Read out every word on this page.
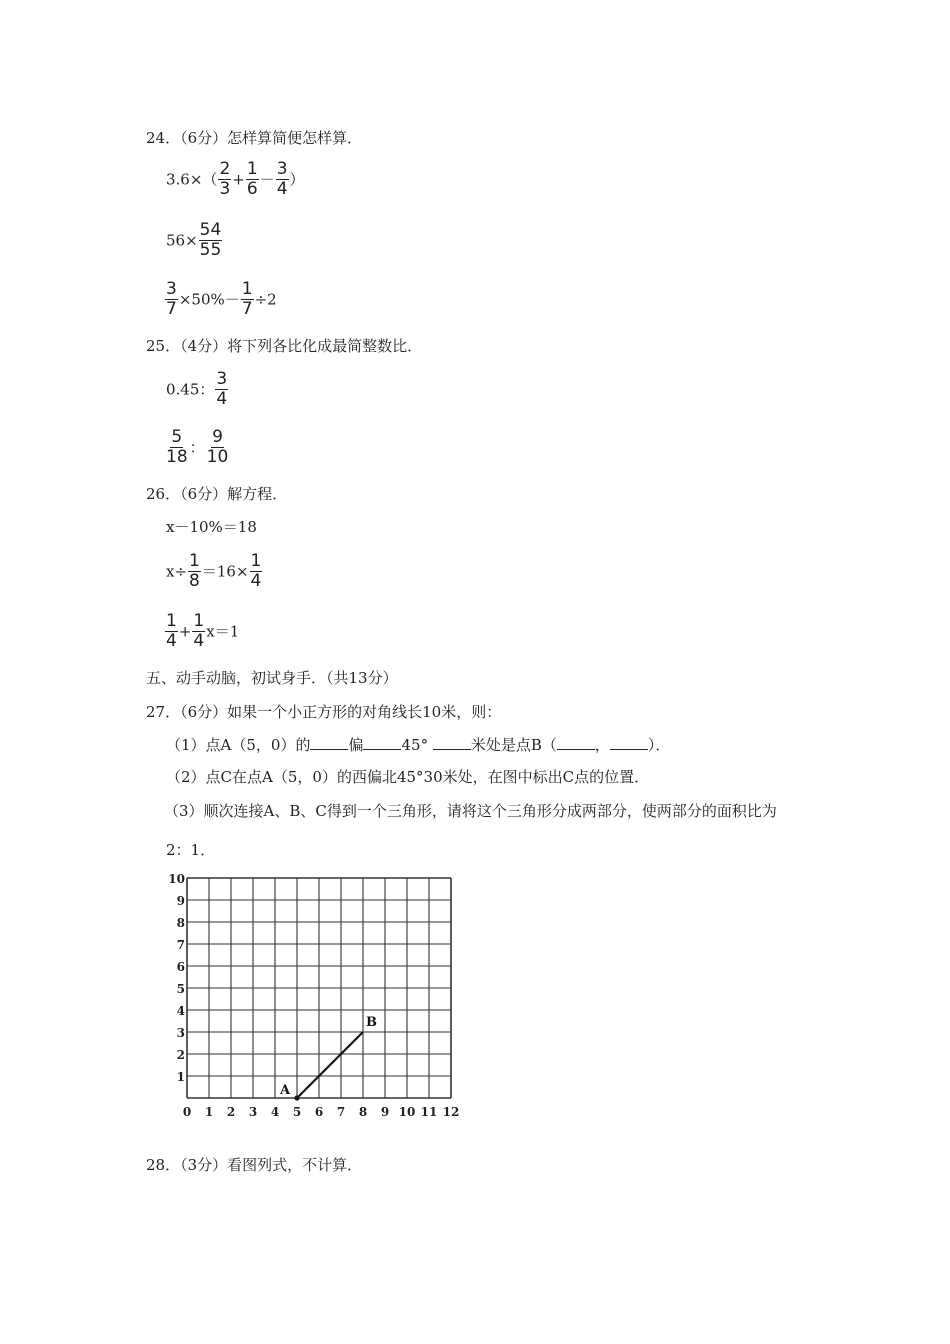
24．（6分）怎样算简便怎样算．
$3.6\times( \frac{2}{3} + \frac{1}{6} - \frac{3}{4}$ ）
$56\times \frac{54}{55}$
$\frac{3}{7} \times 50\%- \frac{1}{7} \div 2$
25．（4分）将下列各比化成最简整数比．
0.45： $\frac{3}{4}$
$\frac{5}{18}$ ： $\frac{9}{10}$
26．（6分）解方程．
x－10%＝18
$x\div \frac{1}{8} =16\times \frac{1}{4}$
$\frac{1}{4} + \frac{1}{4} x=1$
五、动手动脑，初试身手．（共13分）
27．（6分）如果一个小正方形的对角线长10米，则：
（1）点A（5，0）的	偏	45°	米处是点B（	，	）．
（2）点C在点A（5，0）的西偏北45°30米处，在图中标出C点的位置．
（3）顺次连接A、B、C得到一个三角形，请将这个三角形分成两部分，使两部分的面积比为
2：1．
0 1 2 3 4 5 6 7 8 9 10 11 12
1
2
3
4
5
6
7
8
9
10
A
B
28．（3分）看图列式，不计算．
